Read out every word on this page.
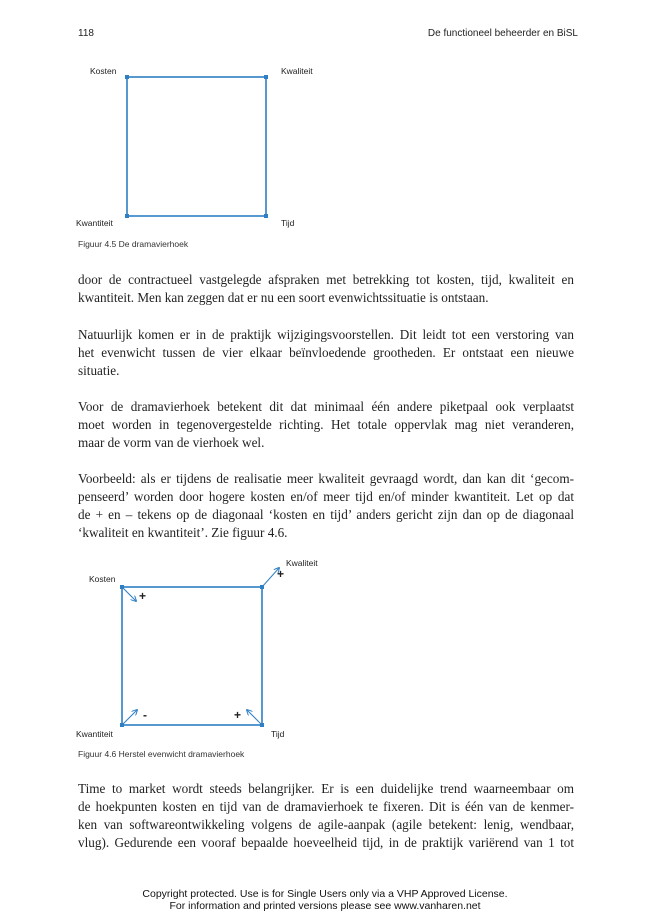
118	De functioneel beheerder en BiSL
Kosten	Kwaliteit
Kwantiteit	Tijd
Figuur 4.5 De dramavierhoek
door de contractueel vastgelegde afspraken met betrekking tot kosten, tijd, kwaliteit en
kwantiteit. Men kan zeggen dat er nu een soort evenwichtssituatie is ontstaan.
Natuurlijk komen er in de praktijk wijzigingsvoorstellen. Dit leidt tot een verstoring van
het evenwicht tussen de vier elkaar beïnvloedende grootheden. Er ontstaat een nieuwe
situatie.
Voor de dramavierhoek betekent dit dat minimaal één andere piketpaal ook verplaatst
moet worden in tegenovergestelde richting. Het totale oppervlak mag niet veranderen,
maar de vorm van de vierhoek wel.
Voorbeeld: als er tijdens de realisatie meer kwaliteit gevraagd wordt, dan kan dit ‘gecom-
penseerd’ worden door hogere kosten en/of meer tijd en/of minder kwantiteit. Let op dat
de + en – tekens op de diagonaal ‘kosten en tijd’ anders gericht zijn dan op de diagonaal
‘kwaliteit en kwantiteit’. Zie figuur 4.6.
Kosten
Kwaliteit
Kwantiteit	Tijd
+
+
-	+
Figuur 4.6 Herstel evenwicht dramavierhoek
Time to market wordt steeds belangrijker. Er is een duidelijke trend waarneembaar om
de hoekpunten kosten en tijd van de dramavierhoek te fixeren. Dit is één van de kenmer-
ken van softwareontwikkeling volgens de agile-aanpak (agile betekent: lenig, wendbaar,
vlug). Gedurende een vooraf bepaalde hoeveelheid tijd, in de praktijk variërend van 1 tot
Copyright protected. Use is for Single Users only via a VHP Approved License.
For information and printed versions please see www.vanharen.net
